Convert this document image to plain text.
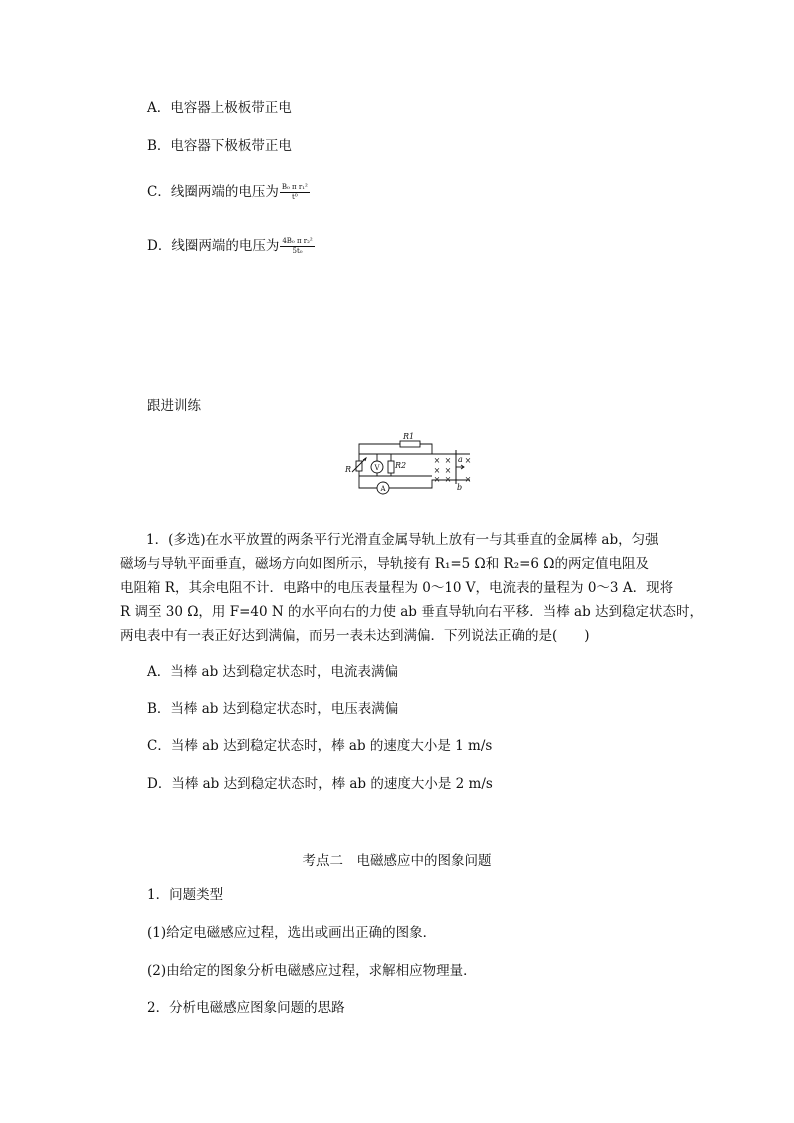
A．电容器上极板带正电
B．电容器下极板带正电
C．线圈两端的电压为 $\frac{\text{B₀ π r₁²}}{\text{t⁰}}$
D．线圈两端的电压为 $\frac{\text{4B₀ π r₂²}}{\text{5t₀}}$
跟进训练
R1
R2
R
a
b
V
A
× × ×
× ×
× × ×

1．(多选)在水平放置的两条平行光滑直金属导轨上放有一与其垂直的金属棒 ab，匀强

磁场与导轨平面垂直，磁场方向如图所示，导轨接有 R₁=5 Ω和 R₂=6 Ω的两定值电阻及

电阻箱 R，其余电阻不计．电路中的电压表量程为 0～10 V，电流表的量程为 0～3 A．现将

R 调至 30 Ω，用 F=40 N 的水平向右的力使 ab 垂直导轨向右平移．当棒 ab 达到稳定状态时，

两电表中有一表正好达到满偏，而另一表未达到满偏．下列说法正确的是(　　)

A．当棒 ab 达到稳定状态时，电流表满偏
B．当棒 ab 达到稳定状态时，电压表满偏
C．当棒 ab 达到稳定状态时，棒 ab 的速度大小是 1 m/s
D．当棒 ab 达到稳定状态时，棒 ab 的速度大小是 2 m/s
考点二　电磁感应中的图象问题
1．问题类型
(1)给定电磁感应过程，选出或画出正确的图象．
(2)由给定的图象分析电磁感应过程，求解相应物理量．
2．分析电磁感应图象问题的思路
